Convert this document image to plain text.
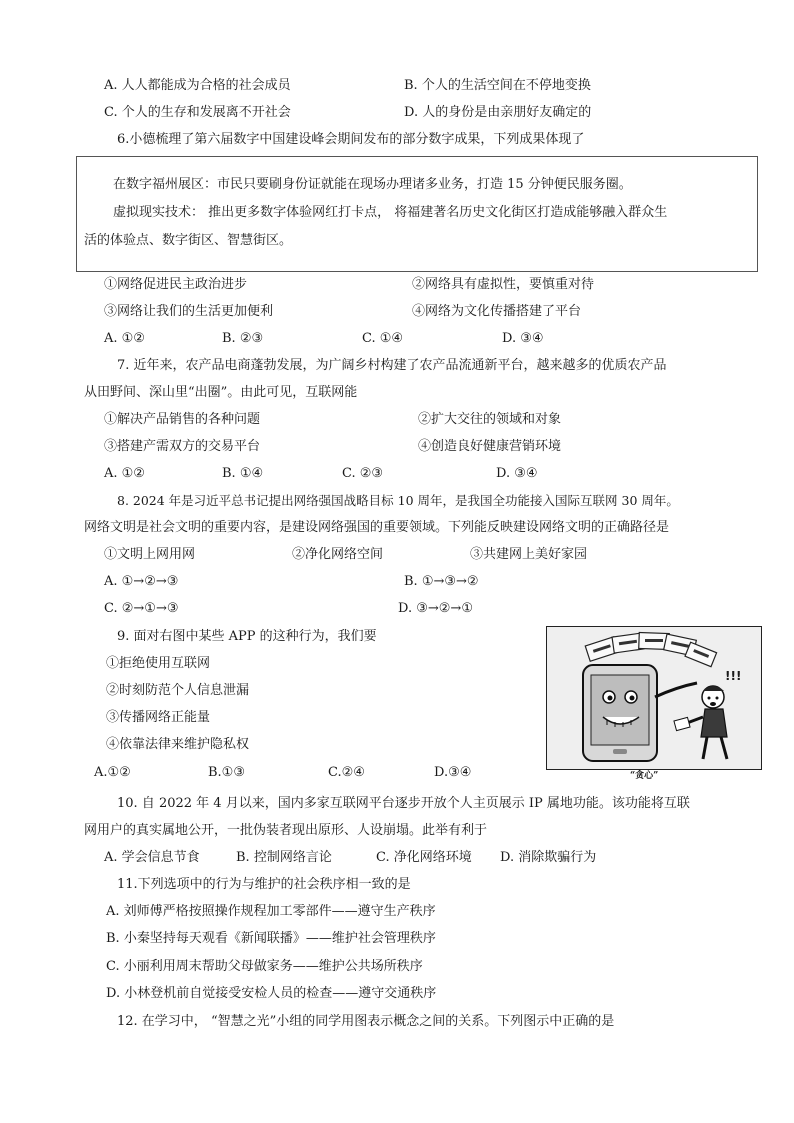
A. 人人都能成为合格的社会成员	B. 个人的生活空间在不停地变换
C. 个人的生存和发展离不开社会	D. 人的身份是由亲朋好友确定的
6.小德梳理了第六届数字中国建设峰会期间发布的部分数字成果，下列成果体现了
在数字福州展区：市民只要刷身份证就能在现场办理诸多业务，打造 15 分钟便民服务圈。
虚拟现实技术： 推出更多数字体验网红打卡点， 将福建著名历史文化街区打造成能够融入群众生
活的体验点、数字街区、智慧街区。
①网络促进民主政治进步	②网络具有虚拟性，要慎重对待
③网络让我们的生活更加便利	④网络为文化传播搭建了平台
A. ①②	B. ②③	C. ①④	D. ③④
7. 近年来，农产品电商蓬勃发展，为广阔乡村构建了农产品流通新平台，越来越多的优质农产品
从田野间、深山里“出圈”。由此可见，互联网能
①解决产品销售的各种问题	②扩大交往的领域和对象
③搭建产需双方的交易平台	④创造良好健康营销环境
A. ①②	B. ①④	C. ②③	D. ③④
8. 2024 年是习近平总书记提出网络强国战略目标 10 周年，是我国全功能接入国际互联网 30 周年。
网络文明是社会文明的重要内容，是建设网络强国的重要领域。下列能反映建设网络文明的正确路径是
①文明上网用网	②净化网络空间	③共建网上美好家园
A. ①→②→③	B. ①→③→②
C. ②→①→③	D. ③→②→①
9. 面对右图中某些 APP 的这种行为，我们要
①拒绝使用互联网
②时刻防范个人信息泄漏
③传播网络正能量
④依靠法律来维护隐私权
A.①②	B.①③	C.②④	D.③④
!!!
“贪心”
10. 自 2022 年 4 月以来，国内多家互联网平台逐步开放个人主页展示 IP 属地功能。该功能将互联
网用户的真实属地公开，一批伪装者现出原形、人设崩塌。此举有利于
A. 学会信息节食	B. 控制网络言论	C. 净化网络环境 D. 消除欺骗行为
11.下列选项中的行为与维护的社会秩序相一致的是
A. 刘师傅严格按照操作规程加工零部件——遵守生产秩序
B. 小秦坚持每天观看《新闻联播》——维护社会管理秩序
C. 小丽利用周末帮助父母做家务——维护公共场所秩序
D. 小林登机前自觉接受安检人员的检查——遵守交通秩序
12. 在学习中， “智慧之光”小组的同学用图表示概念之间的关系。下列图示中正确的是
